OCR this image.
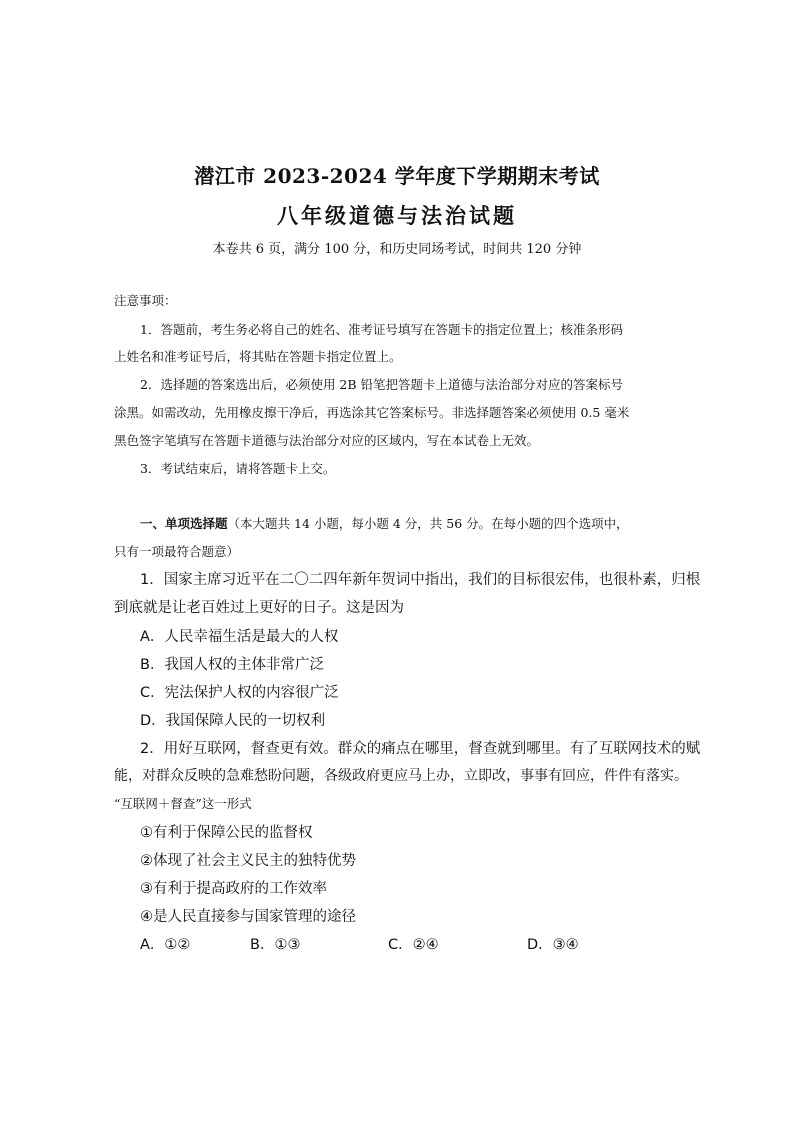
潜江市 2023-2024 学年度下学期期末考试
八年级道德与法治试题
本卷共 6 页，满分 100 分，和历史同场考试，时间共 120 分钟
注意事项：
1．答题前，考生务必将自己的姓名、准考证号填写在答题卡的指定位置上；核准条形码
上姓名和准考证号后，将其贴在答题卡指定位置上。
2．选择题的答案选出后，必须使用 2B 铅笔把答题卡上道德与法治部分对应的答案标号
涂黑。如需改动，先用橡皮擦干净后，再选涂其它答案标号。非选择题答案必须使用 0.5 毫米
黑色签字笔填写在答题卡道德与法治部分对应的区域内，写在本试卷上无效。
3．考试结束后，请将答题卡上交。
一、单项选择题（本大题共 14 小题，每小题 4 分，共 56 分。在每小题的四个选项中，
只有一项最符合题意）
1．国家主席习近平在二〇二四年新年贺词中指出，我们的目标很宏伟，也很朴素，归根
到底就是让老百姓过上更好的日子。这是因为
A．人民幸福生活是最大的人权
B．我国人权的主体非常广泛
C．宪法保护人权的内容很广泛
D．我国保障人民的一切权利
2．用好互联网，督查更有效。群众的痛点在哪里，督查就到哪里。有了互联网技术的赋
能，对群众反映的急难愁盼问题，各级政府更应马上办，立即改，事事有回应，件件有落实。
“互联网＋督查”这一形式
①有利于保障公民的监督权
②体现了社会主义民主的独特优势
③有利于提高政府的工作效率
④是人民直接参与国家管理的途径
A．①②	B．①③	C．②④	D．③④
